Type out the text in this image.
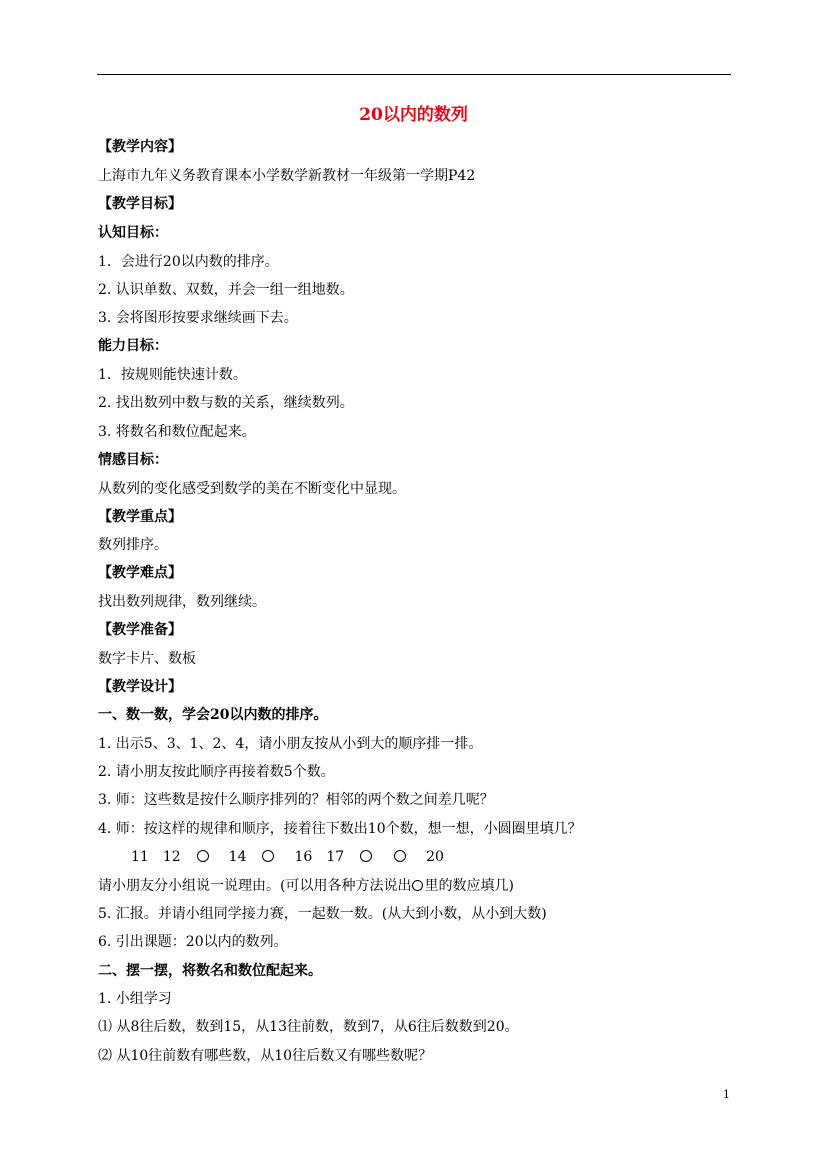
20以内的数列
【教学内容】
上海市九年义务教育课本小学数学新教材一年级第一学期P42
【教学目标】
认知目标：
1．会进行20以内数的排序。
2. 认识单数、双数，并会一组一组地数。
3. 会将图形按要求继续画下去。
能力目标：
1．按规则能快速计数。
2. 找出数列中数与数的关系，继续数列。
3. 将数名和数位配起来。
情感目标：
从数列的变化感受到数学的美在不断变化中显现。
【教学重点】
数列排序。
【教学难点】
找出数列规律，数列继续。
【教学准备】
数字卡片、数板
【教学设计】
一、数一数，学会20以内数的排序。
1. 出示5、3、1、2、4，请小朋友按从小到大的顺序排一排。
2. 请小朋友按此顺序再接着数5个数。
3. 师：这些数是按什么顺序排列的？相邻的两个数之间差几呢？
4. 师：按这样的规律和顺序，接着往下数出10个数，想一想，小圆圈里填几？
11 12	14	16 17	20
请小朋友分小组说一说理由。(可以用各种方法说出 里的数应填几)
5. 汇报。并请小组同学接力赛，一起数一数。(从大到小数，从小到大数)
6. 引出课题：20以内的数列。
二、摆一摆，将数名和数位配起来。
1. 小组学习
⑴ 从8往后数，数到15，从13往前数，数到7，从6往后数数到20。
⑵ 从10往前数有哪些数，从10往后数又有哪些数呢？
1
